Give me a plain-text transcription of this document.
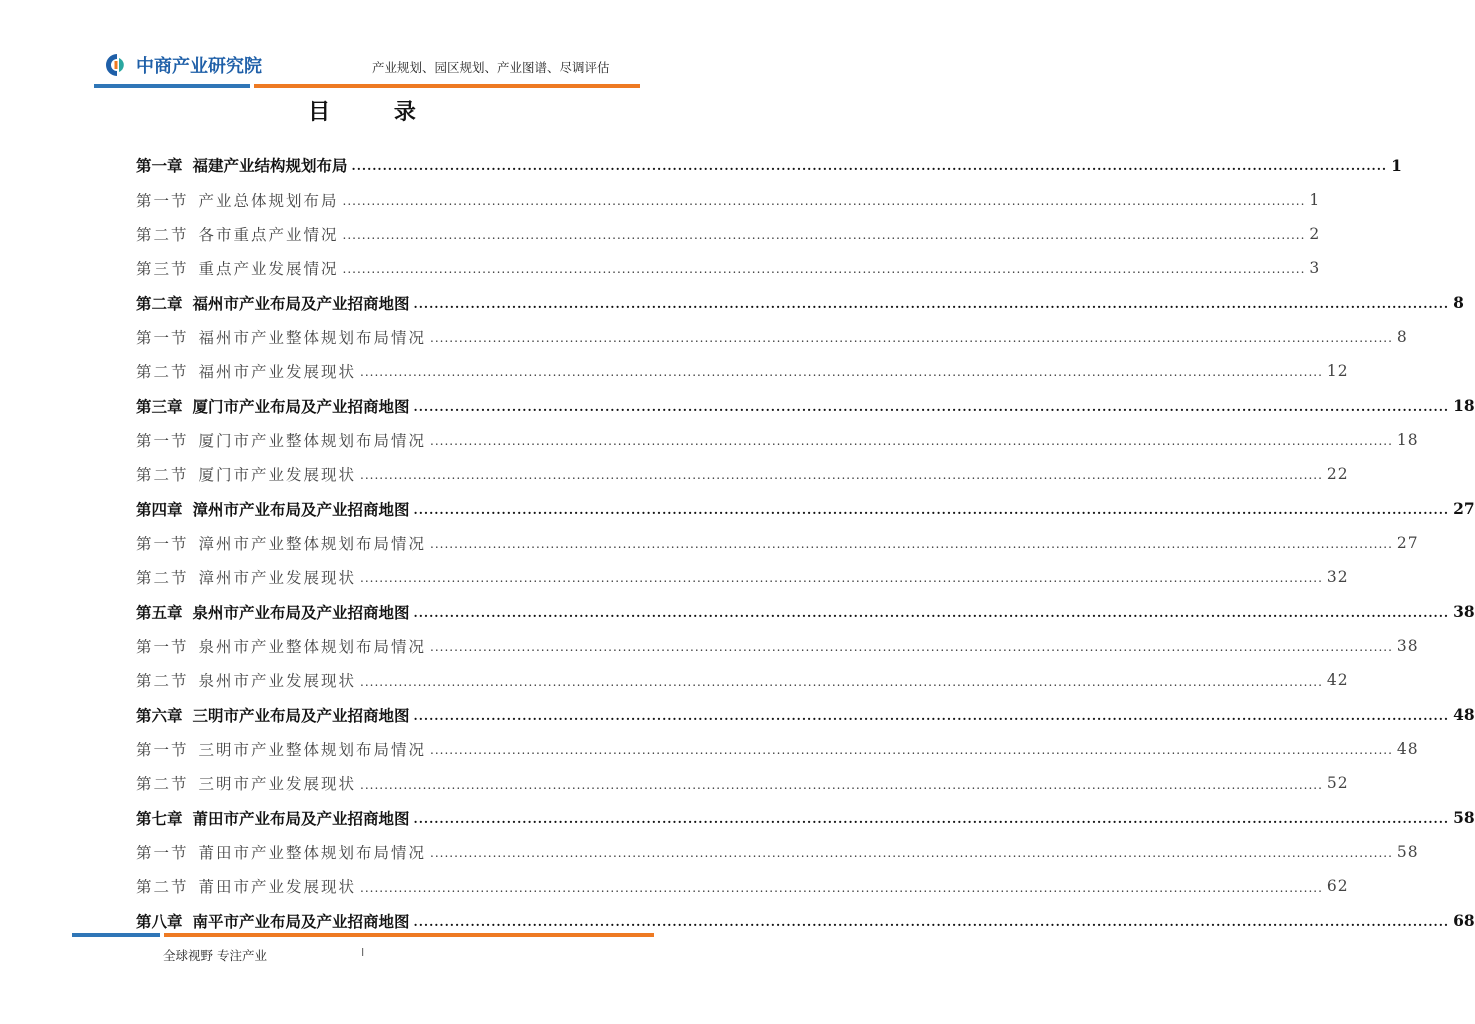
中商产业研究院	产业规划、园区规划、产业图谱、尽调评估
目 录
第一章 福建产业结构规划布局 ........................................................................................................................................................................................................ 1
第一节 产业总体规划布局 ........................................................................................................................................................................................................ 1
第二节 各市重点产业情况 ........................................................................................................................................................................................................ 2
第三节 重点产业发展情况 ........................................................................................................................................................................................................ 3
第二章 福州市产业布局及产业招商地图 ........................................................................................................................................................................................................ 8
第一节 福州市产业整体规划布局情况 ........................................................................................................................................................................................................ 8
第二节 福州市产业发展现状 ........................................................................................................................................................................................................ 12
第三章 厦门市产业布局及产业招商地图 ........................................................................................................................................................................................................ 18
第一节 厦门市产业整体规划布局情况 ........................................................................................................................................................................................................ 18
第二节 厦门市产业发展现状 ........................................................................................................................................................................................................ 22
第四章 漳州市产业布局及产业招商地图 ........................................................................................................................................................................................................ 27
第一节 漳州市产业整体规划布局情况 ........................................................................................................................................................................................................ 27
第二节 漳州市产业发展现状 ........................................................................................................................................................................................................ 32
第五章 泉州市产业布局及产业招商地图 ........................................................................................................................................................................................................ 38
第一节 泉州市产业整体规划布局情况 ........................................................................................................................................................................................................ 38
第二节 泉州市产业发展现状 ........................................................................................................................................................................................................ 42
第六章 三明市产业布局及产业招商地图 ........................................................................................................................................................................................................ 48
第一节 三明市产业整体规划布局情况 ........................................................................................................................................................................................................ 48
第二节 三明市产业发展现状 ........................................................................................................................................................................................................ 52
第七章 莆田市产业布局及产业招商地图 ........................................................................................................................................................................................................ 58
第一节 莆田市产业整体规划布局情况 ........................................................................................................................................................................................................ 58
第二节 莆田市产业发展现状 ........................................................................................................................................................................................................ 62
第八章 南平市产业布局及产业招商地图 ........................................................................................................................................................................................................ 68
全球视野 专注产业	I
